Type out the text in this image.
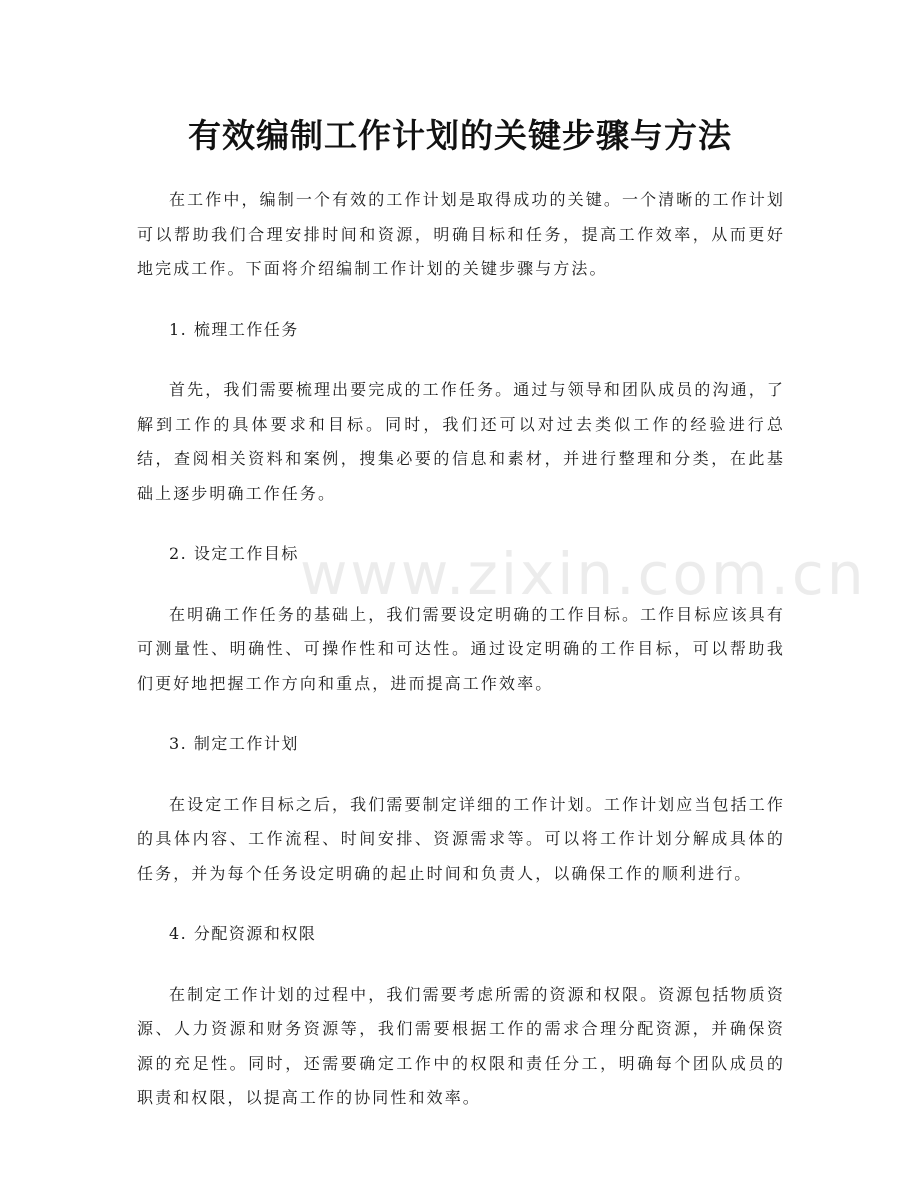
有效编制工作计划的关键步骤与方法
www.zixin.com.cn

在工作中，编制一个有效的工作计划是取得成功的关键。一个清晰的工作计划可以帮助我们合理安排时间和资源，明确目标和任务，提高工作效率，从而更好地完成工作。下面将介绍编制工作计划的关键步骤与方法。

1. 梳理工作任务

首先，我们需要梳理出要完成的工作任务。通过与领导和团队成员的沟通，了解到工作的具体要求和目标。同时，我们还可以对过去类似工作的经验进行总结，查阅相关资料和案例，搜集必要的信息和素材，并进行整理和分类，在此基础上逐步明确工作任务。

2. 设定工作目标

在明确工作任务的基础上，我们需要设定明确的工作目标。工作目标应该具有可测量性、明确性、可操作性和可达性。通过设定明确的工作目标，可以帮助我们更好地把握工作方向和重点，进而提高工作效率。

3. 制定工作计划

在设定工作目标之后，我们需要制定详细的工作计划。工作计划应当包括工作的具体内容、工作流程、时间安排、资源需求等。可以将工作计划分解成具体的任务，并为每个任务设定明确的起止时间和负责人，以确保工作的顺利进行。

4. 分配资源和权限

在制定工作计划的过程中，我们需要考虑所需的资源和权限。资源包括物质资源、人力资源和财务资源等，我们需要根据工作的需求合理分配资源，并确保资源的充足性。同时，还需要确定工作中的权限和责任分工，明确每个团队成员的职责和权限，以提高工作的协同性和效率。
